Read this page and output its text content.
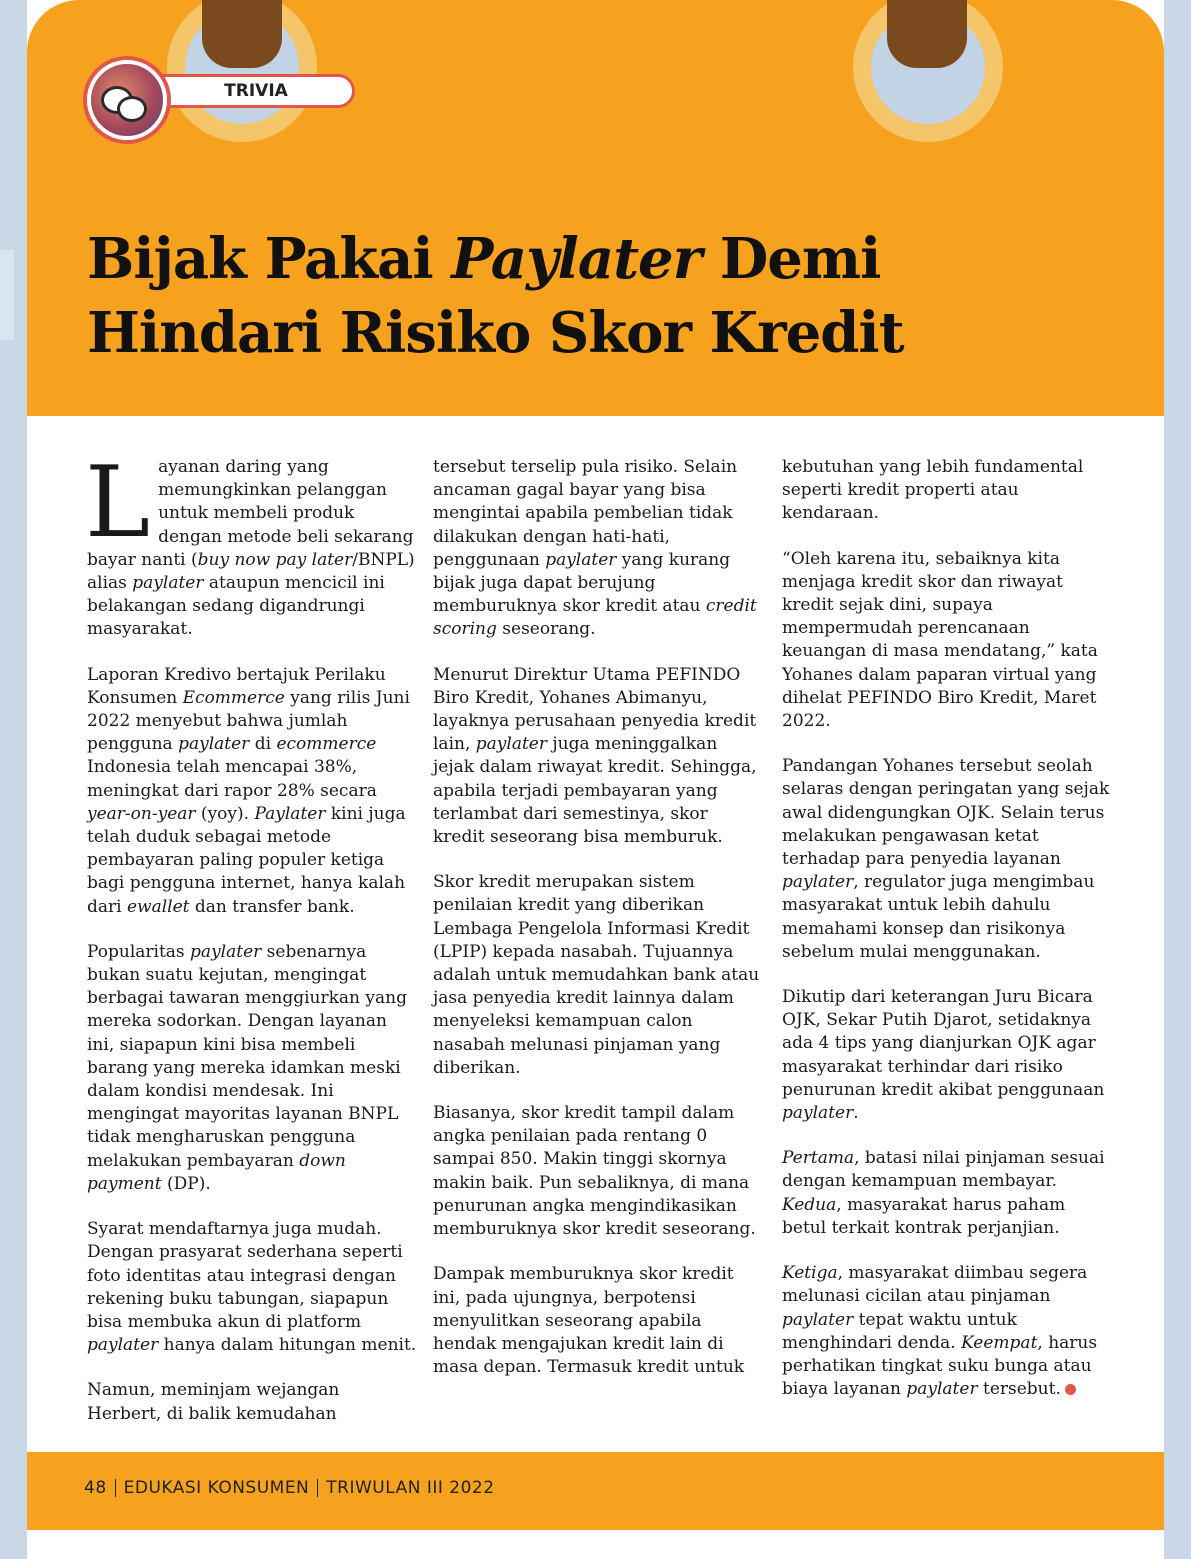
TRIVIA
Bijak Pakai Paylater Demi Hindari Risiko Skor Kredit

Layanan daring yang memungkinkan pelanggan untuk membeli produk dengan metode beli sekarang bayar nanti (buy now pay later/BNPL) alias paylater ataupun mencicil ini belakangan sedang digandrungi masyarakat.

Laporan Kredivo bertajuk Perilaku Konsumen Ecommerce yang rilis Juni 2022 menyebut bahwa jumlah pengguna paylater di ecommerce Indonesia telah mencapai 38%, meningkat dari rapor 28% secara year-on-year (yoy). Paylater kini juga telah duduk sebagai metode pembayaran paling populer ketiga bagi pengguna internet, hanya kalah dari ewallet dan transfer bank.

Popularitas paylater sebenarnya bukan suatu kejutan, mengingat berbagai tawaran menggiurkan yang mereka sodorkan. Dengan layanan ini, siapapun kini bisa membeli barang yang mereka idamkan meski dalam kondisi mendesak. Ini mengingat mayoritas layanan BNPL tidak mengharuskan pengguna melakukan pembayaran down payment (DP).

Syarat mendaftarnya juga mudah. Dengan prasyarat sederhana seperti foto identitas atau integrasi dengan rekening buku tabungan, siapapun bisa membuka akun di platform paylater hanya dalam hitungan menit.

Namun, meminjam wejangan Herbert, di balik kemudahan

tersebut terselip pula risiko. Selain ancaman gagal bayar yang bisa mengintai apabila pembelian tidak dilakukan dengan hati-hati, penggunaan paylater yang kurang bijak juga dapat berujung memburuknya skor kredit atau credit scoring seseorang.

Menurut Direktur Utama PEFINDO Biro Kredit, Yohanes Abimanyu, layaknya perusahaan penyedia kredit lain, paylater juga meninggalkan jejak dalam riwayat kredit. Sehingga, apabila terjadi pembayaran yang terlambat dari semestinya, skor kredit seseorang bisa memburuk.

Skor kredit merupakan sistem penilaian kredit yang diberikan Lembaga Pengelola Informasi Kredit (LPIP) kepada nasabah. Tujuannya adalah untuk memudahkan bank atau jasa penyedia kredit lainnya dalam menyeleksi kemampuan calon nasabah melunasi pinjaman yang diberikan.

Biasanya, skor kredit tampil dalam angka penilaian pada rentang 0 sampai 850. Makin tinggi skornya makin baik. Pun sebaliknya, di mana penurunan angka mengindikasikan memburuknya skor kredit seseorang.

Dampak memburuknya skor kredit ini, pada ujungnya, berpotensi menyulitkan seseorang apabila hendak mengajukan kredit lain di masa depan. Termasuk kredit untuk

kebutuhan yang lebih fundamental seperti kredit properti atau kendaraan.

“Oleh karena itu, sebaiknya kita menjaga kredit skor dan riwayat kredit sejak dini, supaya mempermudah perencanaan keuangan di masa mendatang,” kata Yohanes dalam paparan virtual yang dihelat PEFINDO Biro Kredit, Maret 2022.

Pandangan Yohanes tersebut seolah selaras dengan peringatan yang sejak awal didengungkan OJK. Selain terus melakukan pengawasan ketat terhadap para penyedia layanan paylater, regulator juga mengimbau masyarakat untuk lebih dahulu memahami konsep dan risikonya sebelum mulai menggunakan.

Dikutip dari keterangan Juru Bicara OJK, Sekar Putih Djarot, setidaknya ada 4 tips yang dianjurkan OJK agar masyarakat terhindar dari risiko penurunan kredit akibat penggunaan paylater.

Pertama, batasi nilai pinjaman sesuai dengan kemampuan membayar. Kedua, masyarakat harus paham betul terkait kontrak perjanjian.

Ketiga, masyarakat diimbau segera melunasi cicilan atau pinjaman paylater tepat waktu untuk menghindari denda. Keempat, harus perhatikan tingkat suku bunga atau biaya layanan paylater tersebut.

48 EDUKASI KONSUMEN TRIWULAN III 2022
